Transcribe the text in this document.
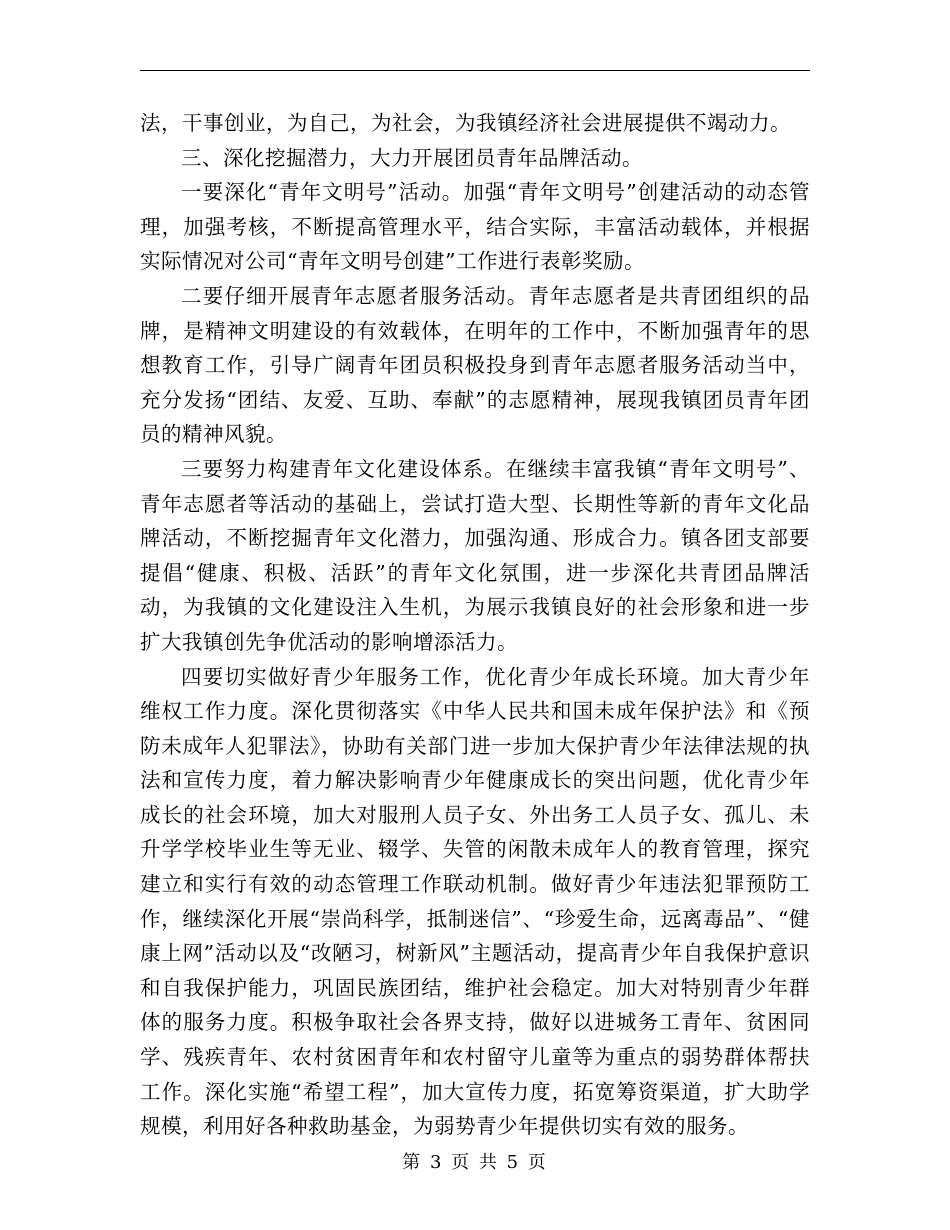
法，干事创业，为自己，为社会，为我镇经济社会进展提供不竭动力。

三、深化挖掘潜力，大力开展团员青年品牌活动。

一要深化“青年文明号”活动。加强“青年文明号”创建活动的动态管理，加强考核，不断提高管理水平，结合实际，丰富活动载体，并根据实际情况对公司“青年文明号创建”工作进行表彰奖励。

二要仔细开展青年志愿者服务活动。青年志愿者是共青团组织的品牌，是精神文明建设的有效载体，在明年的工作中，不断加强青年的思想教育工作，引导广阔青年团员积极投身到青年志愿者服务活动当中，充分发扬“团结、友爱、互助、奉献”的志愿精神，展现我镇团员青年团员的精神风貌。

三要努力构建青年文化建设体系。在继续丰富我镇“青年文明号”、青年志愿者等活动的基础上，尝试打造大型、长期性等新的青年文化品牌活动，不断挖掘青年文化潜力，加强沟通、形成合力。镇各团支部要提倡“健康、积极、活跃”的青年文化氛围，进一步深化共青团品牌活动，为我镇的文化建设注入生机，为展示我镇良好的社会形象和进一步扩大我镇创先争优活动的影响增添活力。

四要切实做好青少年服务工作，优化青少年成长环境。加大青少年维权工作力度。深化贯彻落实《中华人民共和国未成年保护法》和《预防未成年人犯罪法》，协助有关部门进一步加大保护青少年法律法规的执法和宣传力度，着力解决影响青少年健康成长的突出问题，优化青少年成长的社会环境，加大对服刑人员子女、外出务工人员子女、孤儿、未升学学校毕业生等无业、辍学、失管的闲散未成年人的教育管理，探究建立和实行有效的动态管理工作联动机制。做好青少年违法犯罪预防工作，继续深化开展“崇尚科学，抵制迷信”、“珍爱生命，远离毒品”、“健康上网”活动以及“改陋习，树新风”主题活动，提高青少年自我保护意识和自我保护能力，巩固民族团结，维护社会稳定。加大对特别青少年群体的服务力度。积极争取社会各界支持，做好以进城务工青年、贫困同学、残疾青年、农村贫困青年和农村留守儿童等为重点的弱势群体帮扶工作。深化实施“希望工程”，加大宣传力度，拓宽筹资渠道，扩大助学规模，利用好各种救助基金，为弱势青少年提供切实有效的服务。

第 3 页 共 5 页
